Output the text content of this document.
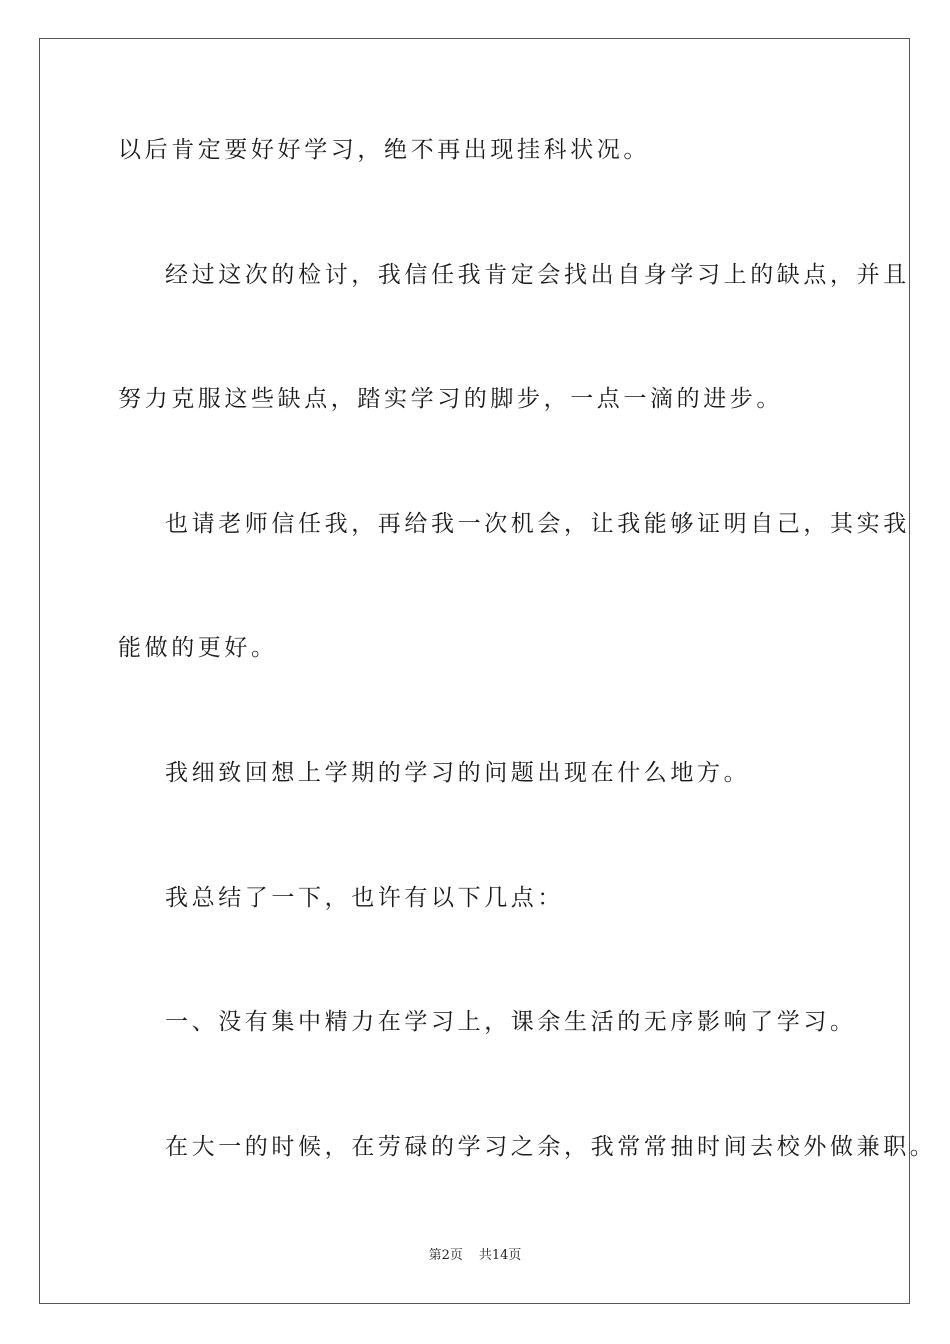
以后肯定要好好学习，绝不再出现挂科状况。

经过这次的检讨，我信任我肯定会找出自身学习上的缺点，并且

努力克服这些缺点，踏实学习的脚步，一点一滴的进步。

也请老师信任我，再给我一次机会，让我能够证明自己，其实我

能做的更好。

我细致回想上学期的学习的问题出现在什么地方。

我总结了一下，也许有以下几点：

一、没有集中精力在学习上，课余生活的无序影响了学习。

在大一的时候，在劳碌的学习之余，我常常抽时间去校外做兼职。

第2页 共14页
